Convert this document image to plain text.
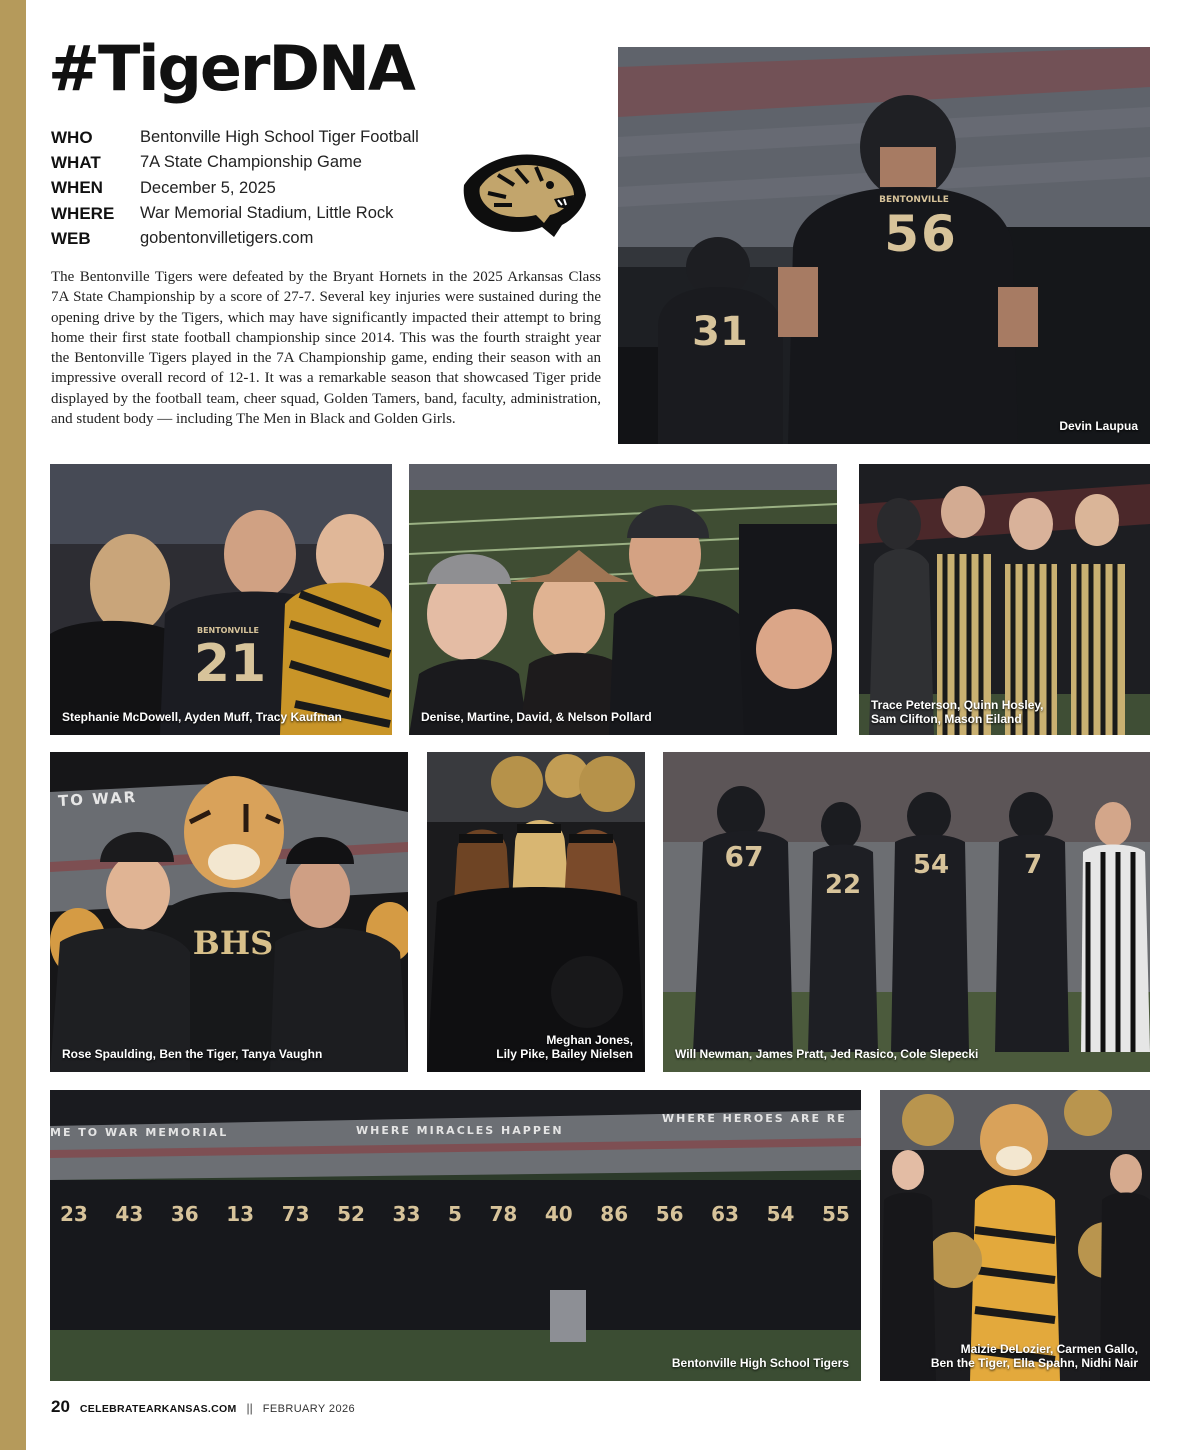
#TigerDNA
WHO	Bentonville High School Tiger Football
WHAT	7A State Championship Game
WHEN	December 5, 2025
WHERE	War Memorial Stadium, Little Rock
WEB	gobentonvilletigers.com

The Bentonville Tigers were defeated by the Bryant Hornets in the 2025 Arkansas Class 7A State Championship by a score of 27-7. Several key injuries were sustained during the opening drive by the Tigers, which may have significantly impacted their attempt to bring home their first state football championship since 2014. This was the fourth straight year the Bentonville Tigers played in the 7A Championship game, ending their season with an impressive overall record of 12-1. It was a remarkable season that showcased Tiger pride displayed by the football team, cheer squad, Golden Tamers, band, faculty, administration, and student body — including The Men in Black and Golden Girls.

BENTONVILLE
56
31
Devin Laupua
BENTONVILLE
21
Stephanie McDowell, Ayden Muff, Tracy Kaufman	Denise, Martine, David, & Nelson Pollard
Trace Peterson, Quinn Hosley,
Sam Clifton, Mason Eiland
TO WAR
BHS
Rose Spaulding, Ben the Tiger, Tanya Vaughn
Meghan Jones,
Lily Pike, Bailey Nielsen
67
22
54	7
Will Newman, James Pratt, Jed Rasico, Cole Slepecki
ME TO WAR MEMORIAL	WHERE MIRACLES HAPPEN
WHERE HEROES ARE RE
23 43 36 13 73 52 33 5 78 40 86 56 63 54 55
Bentonville High School Tigers
Maizie DeLozier, Carmen Gallo,
Ben the Tiger, Ella Spahn, Nidhi Nair
20 CELEBRATEARKANSAS.COM || FEBRUARY 2026
